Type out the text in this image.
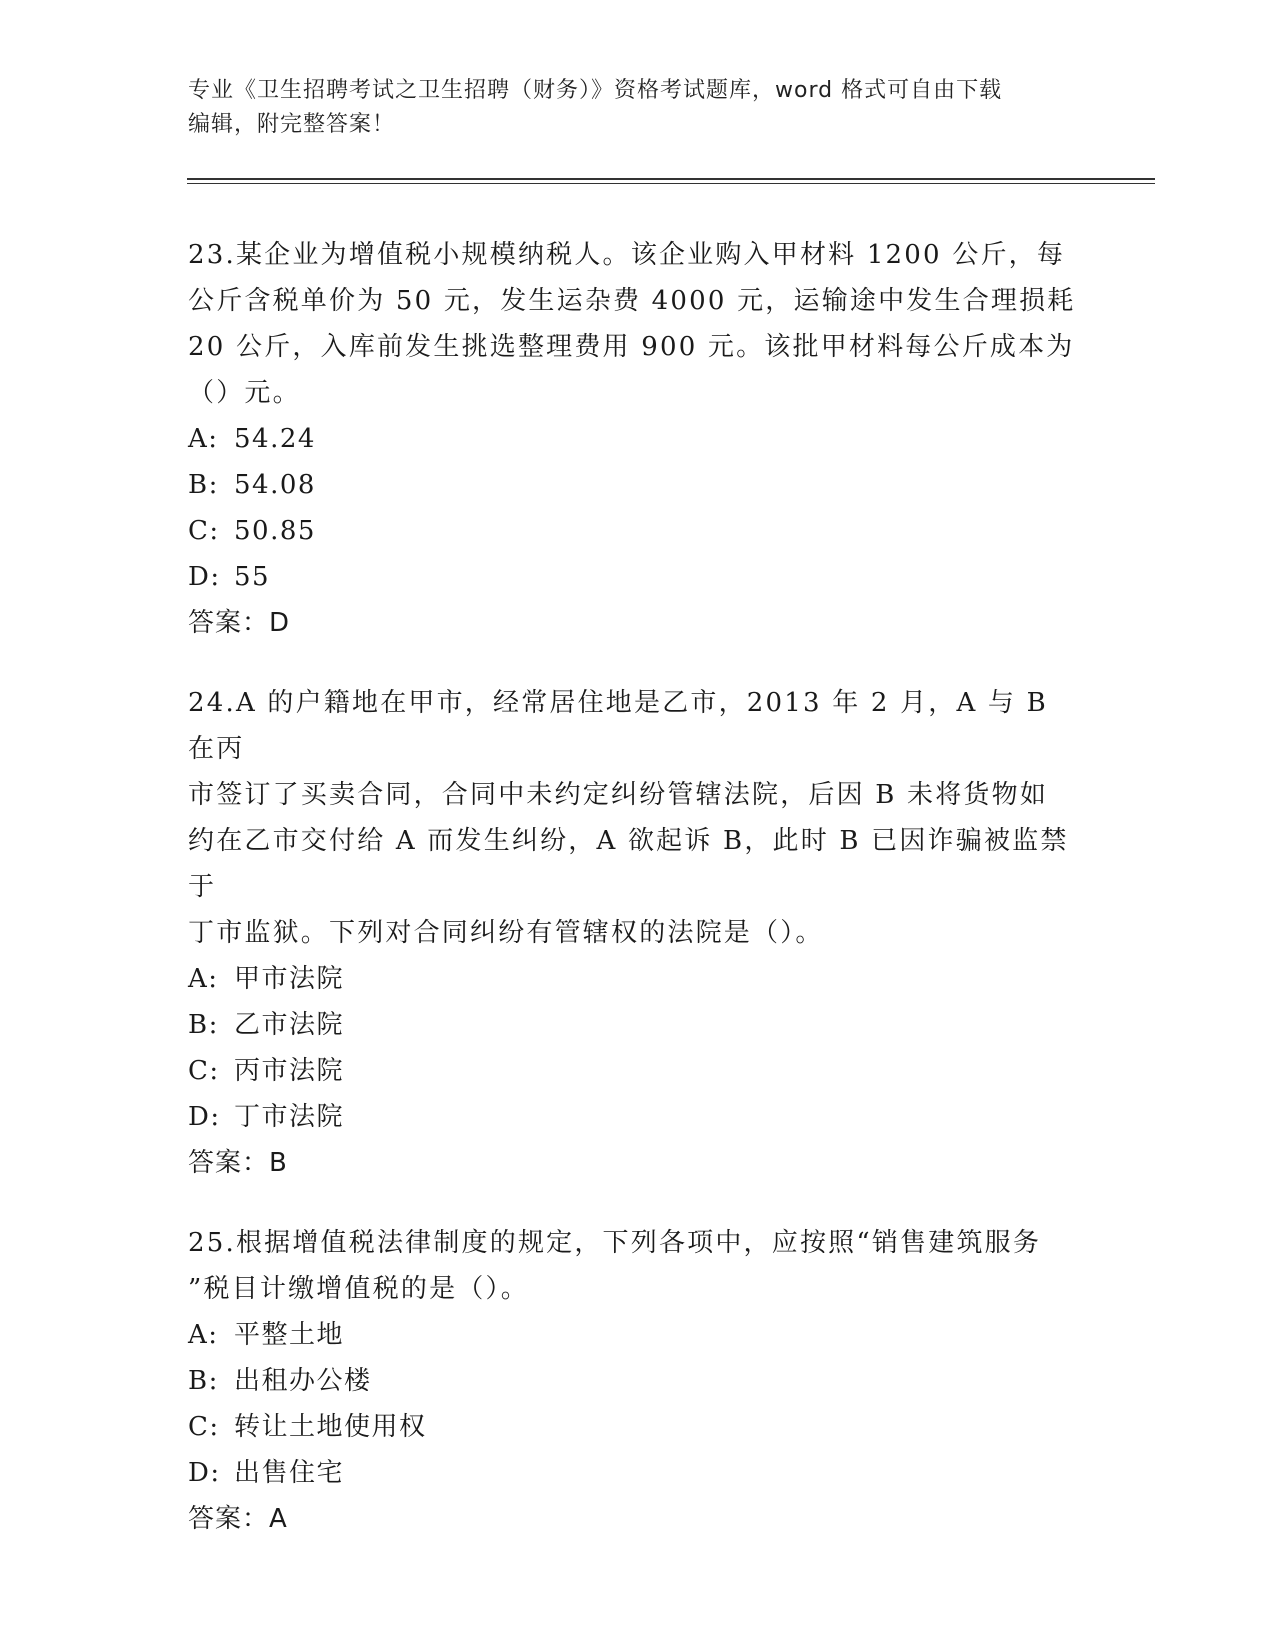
专业《卫生招聘考试之卫生招聘（财务）》资格考试题库，word 格式可自由下载
编辑，附完整答案！

23.某企业为增值税小规模纳税人。该企业购入甲材料 1200 公斤，每

公斤含税单价为 50 元，发生运杂费 4000 元，运输途中发生合理损耗

20 公斤，入库前发生挑选整理费用 900 元。该批甲材料每公斤成本为

（）元。

A: 54.24

B: 54.08

C: 50.85

D: 55

答案：D

24.A 的户籍地在甲市，经常居住地是乙市，2013 年 2 月，A 与 B 在丙

市签订了买卖合同，合同中未约定纠纷管辖法院，后因 B 未将货物如

约在乙市交付给 A 而发生纠纷，A 欲起诉 B，此时 B 已因诈骗被监禁于

丁市监狱。下列对合同纠纷有管辖权的法院是（）。

A: 甲市法院

B: 乙市法院

C: 丙市法院

D: 丁市法院

答案：B

25.根据增值税法律制度的规定，下列各项中，应按照“销售建筑服务

”税目计缴增值税的是（）。

A: 平整土地

B: 出租办公楼

C: 转让土地使用权

D: 出售住宅

答案：A
